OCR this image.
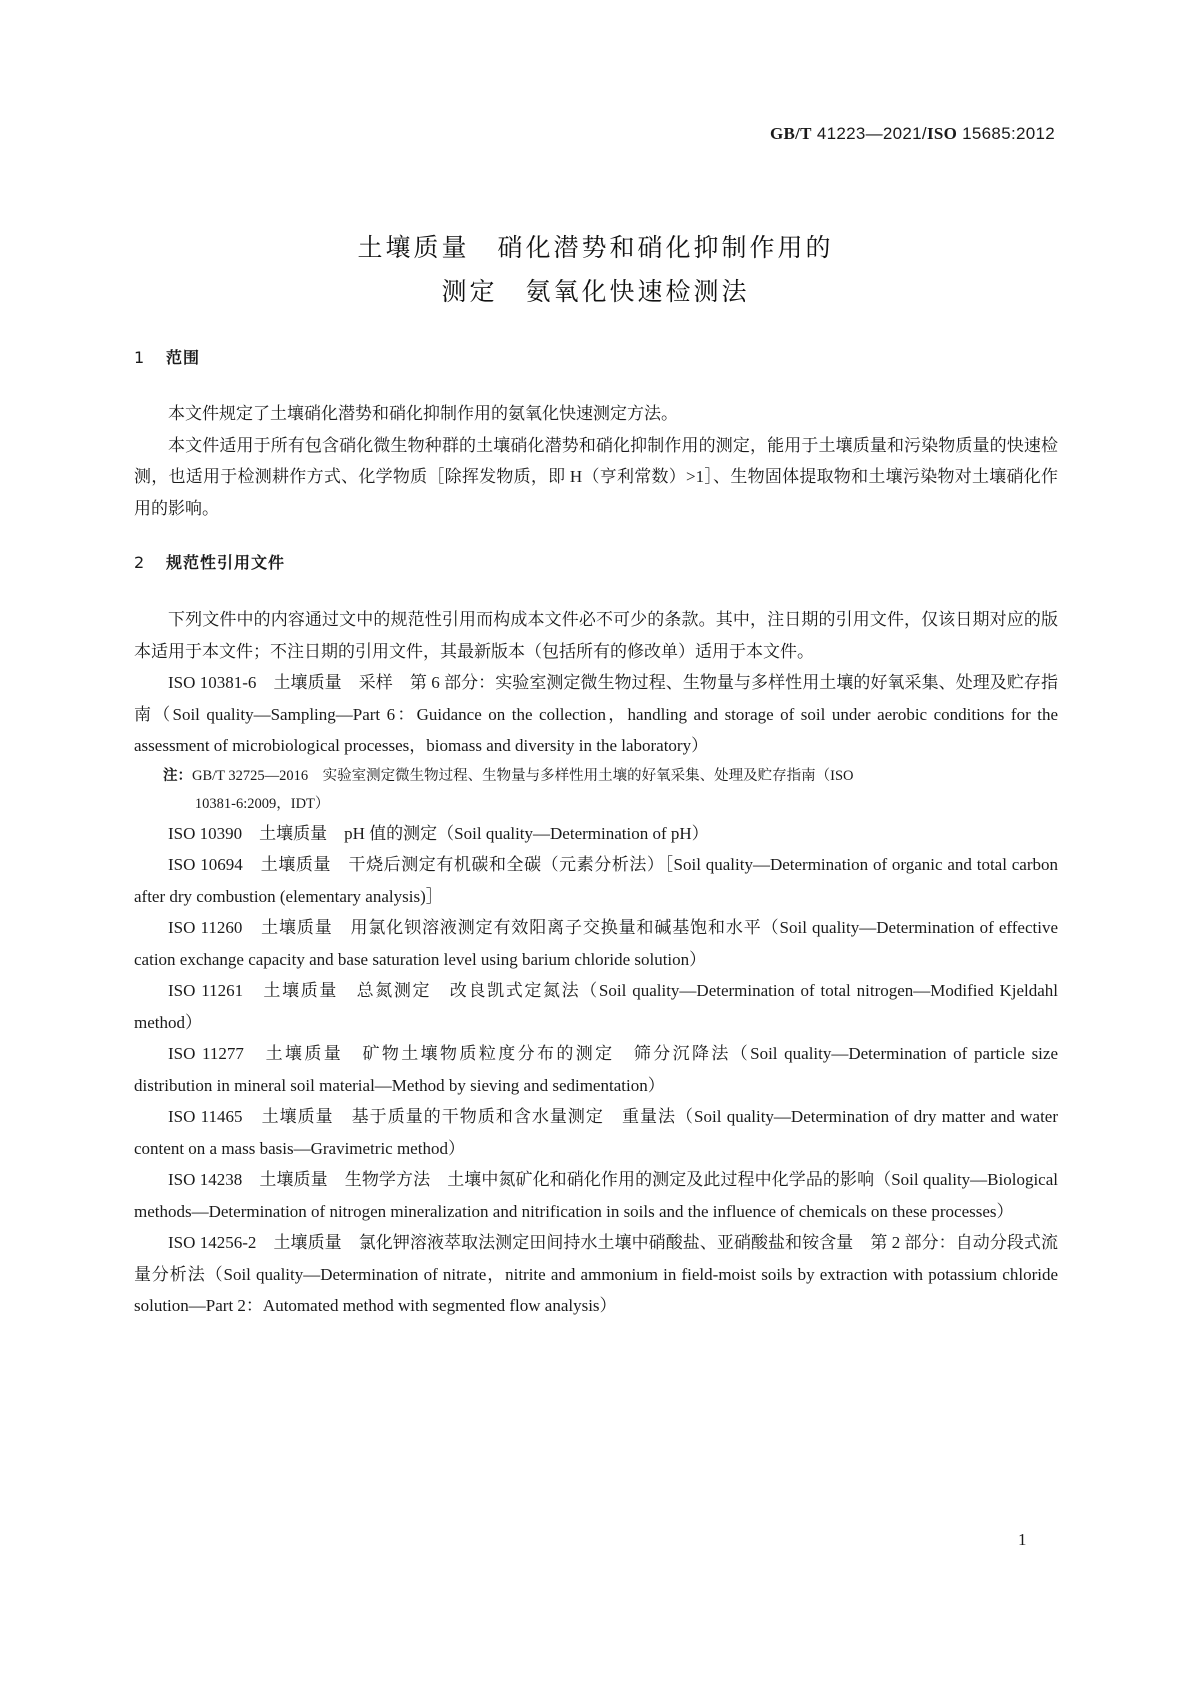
GB/T 41223—2021/ISO 15685:2012
土壤质量　硝化潜势和硝化抑制作用的
测定　氨氧化快速检测法
1 范围

本文件规定了土壤硝化潜势和硝化抑制作用的氨氧化快速测定方法。

本文件适用于所有包含硝化微生物种群的土壤硝化潜势和硝化抑制作用的测定，能用于土壤质量和污染物质量的快速检测，也适用于检测耕作方式、化学物质［除挥发物质，即 H（亨利常数）>1］、生物固体提取物和土壤污染物对土壤硝化作用的影响。

2 规范性引用文件

下列文件中的内容通过文中的规范性引用而构成本文件必不可少的条款。其中，注日期的引用文件，仅该日期对应的版本适用于本文件；不注日期的引用文件，其最新版本（包括所有的修改单）适用于本文件。

ISO 10381-6　土壤质量　采样　第 6 部分：实验室测定微生物过程、生物量与多样性用土壤的好氧采集、处理及贮存指南（Soil quality—Sampling—Part 6：Guidance on the collection，handling and storage of soil under aerobic conditions for the assessment of microbiological processes，biomass and diversity in the laboratory）

注：GB/T 32725—2016　实验室测定微生物过程、生物量与多样性用土壤的好氧采集、处理及贮存指南（ISO
10381-6:2009，IDT）

ISO 10390　土壤质量　pH 值的测定（Soil quality—Determination of pH）

ISO 10694　土壤质量　干烧后测定有机碳和全碳（元素分析法）［Soil quality—Determination of organic and total carbon after dry combustion (elementary analysis)］

ISO 11260　土壤质量　用氯化钡溶液测定有效阳离子交换量和碱基饱和水平（Soil quality—Determination of effective cation exchange capacity and base saturation level using barium chloride solution）

ISO 11261　土壤质量　总氮测定　改良凯式定氮法（Soil quality—Determination of total nitrogen—Modified Kjeldahl method）

ISO 11277　土壤质量　矿物土壤物质粒度分布的测定　筛分沉降法（Soil quality—Determination of particle size distribution in mineral soil material—Method by sieving and sedimentation）

ISO 11465　土壤质量　基于质量的干物质和含水量测定　重量法（Soil quality—Determination of dry matter and water content on a mass basis—Gravimetric method）

ISO 14238　土壤质量　生物学方法　土壤中氮矿化和硝化作用的测定及此过程中化学品的影响（Soil quality—Biological methods—Determination of nitrogen mineralization and nitrification in soils and the influence of chemicals on these processes）

ISO 14256-2　土壤质量　氯化钾溶液萃取法测定田间持水土壤中硝酸盐、亚硝酸盐和铵含量　第 2 部分：自动分段式流量分析法（Soil quality—Determination of nitrate，nitrite and ammonium in field-moist soils by extraction with potassium chloride solution—Part 2：Automated method with segmented flow analysis）

1
